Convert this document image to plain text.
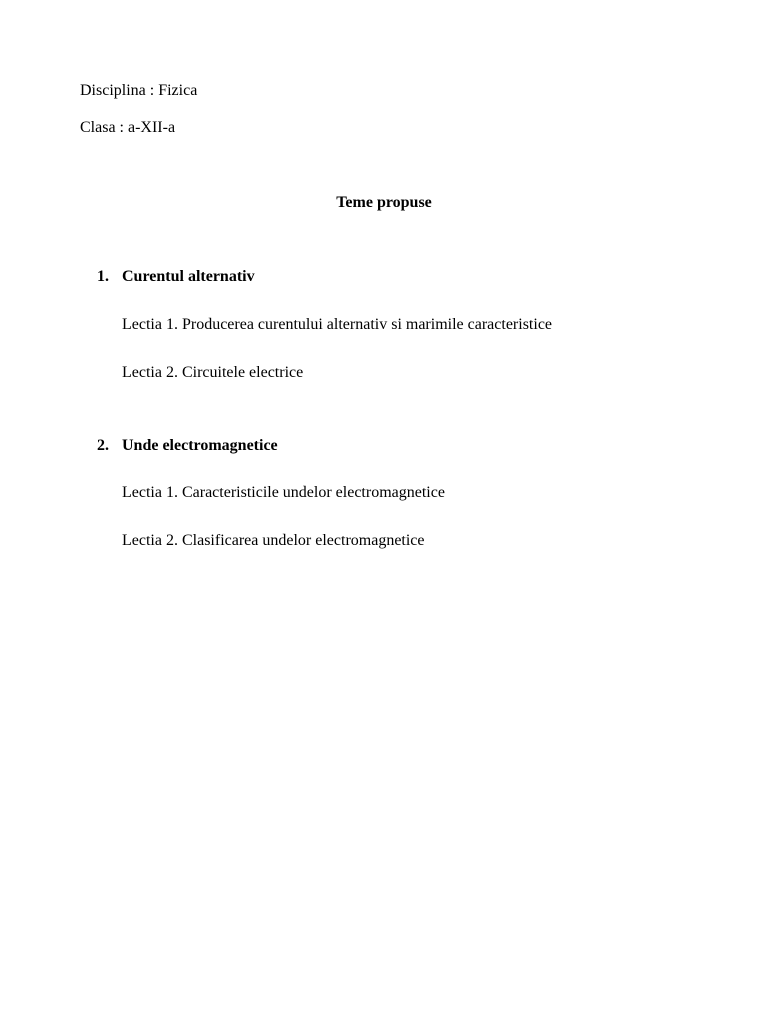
Disciplina : Fizica
Clasa : a-XII-a
Teme propuse
1. Curentul alternativ
Lectia 1. Producerea curentului alternativ si marimile caracteristice
Lectia 2. Circuitele electrice
2. Unde electromagnetice
Lectia 1. Caracteristicile undelor electromagnetice
Lectia 2. Clasificarea undelor electromagnetice
